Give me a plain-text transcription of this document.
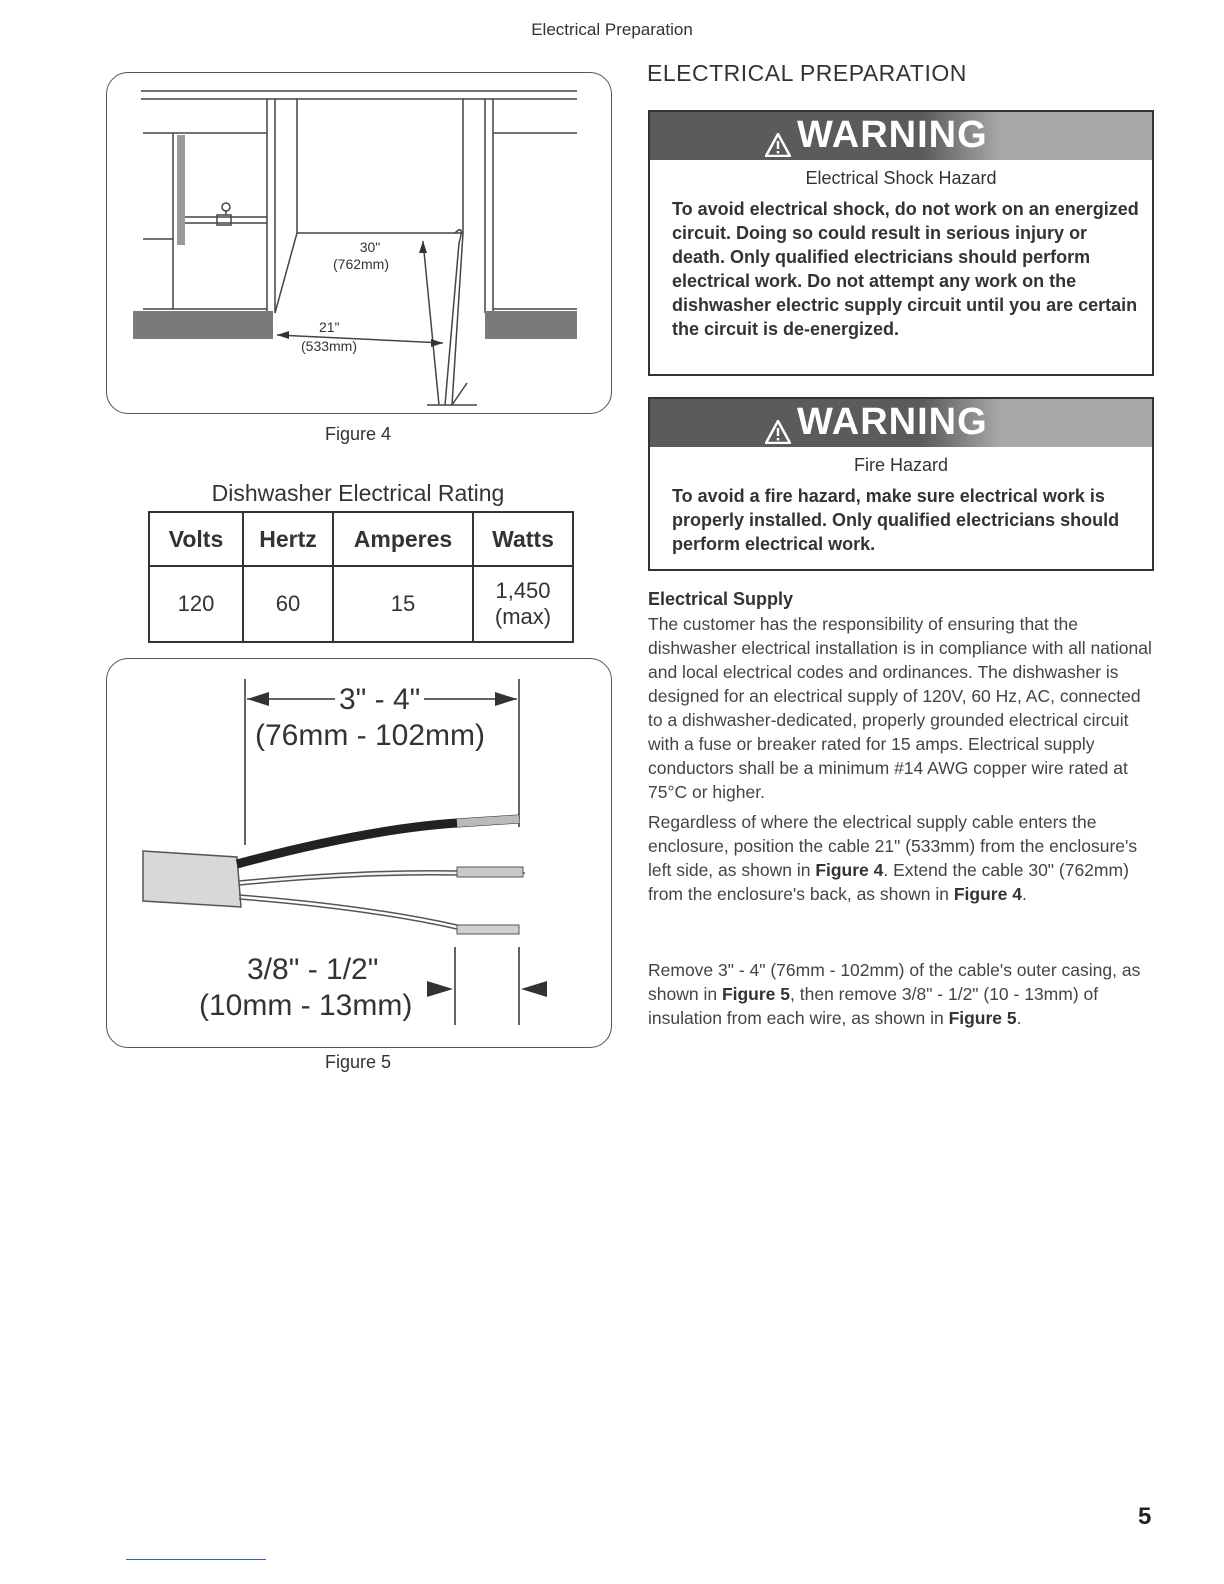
Electrical Preparation
30"
(762mm)
21"
(533mm)
Figure 4
Dishwasher Electrical Rating
Volts	Hertz	Amperes	Watts
120	60	15	1,450
(max)
3" - 4"
(76mm - 102mm)
3/8" - 1/2"
(10mm - 13mm)
Figure 5
ELECTRICAL PREPARATION
WARNING
Electrical Shock Hazard
To avoid electrical shock, do not work on an energized circuit. Doing so could result in serious injury or death. Only qualified electricians should perform electrical work. Do not attempt any work on the dishwasher electric supply circuit until you are certain the circuit is de-energized.
WARNING
Fire Hazard
To avoid a fire hazard, make sure electrical work is properly installed. Only qualified electricians should perform electrical work.
Electrical Supply

The customer has the responsibility of ensuring that the dishwasher electrical installation is in compliance with all national and local electrical codes and ordinances. The dishwasher is designed for an electrical supply of 120V, 60 Hz, AC, connected to a dishwasher-dedicated, properly grounded electrical circuit with a fuse or breaker rated for 15 amps. Electrical supply conductors shall be a minimum #14 AWG copper wire rated at 75°C or higher.

Regardless of where the electrical supply cable enters the enclosure, position the cable 21" (533mm) from the enclosure's left side, as shown in Figure 4. Extend the cable 30" (762mm) from the enclosure's back, as shown in Figure 4.

Remove 3" - 4" (76mm - 102mm) of the cable's outer casing, as shown in Figure 5, then remove 3/8" - 1/2" (10 - 13mm) of insulation from each wire, as shown in Figure 5.

5
